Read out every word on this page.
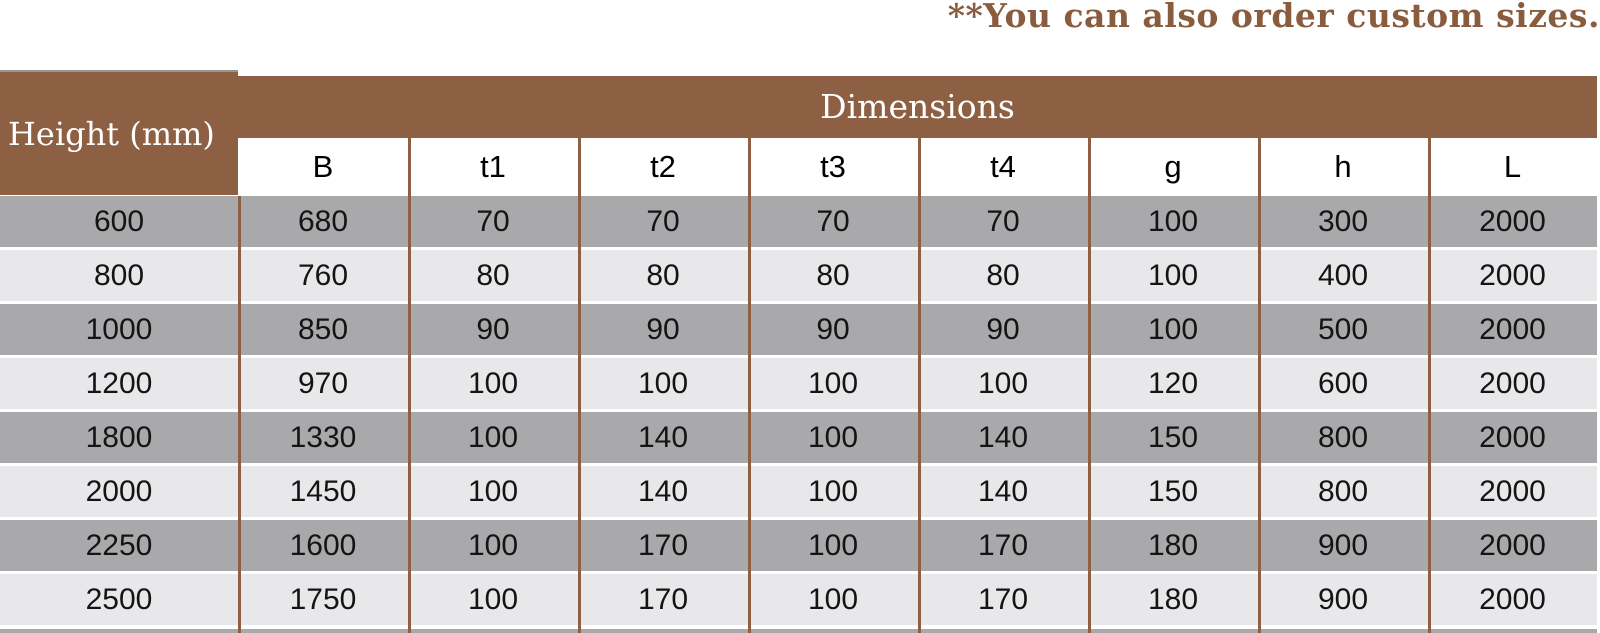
**You can also order custom sizes.
Dimensions
Height (mm)
B	t1	t2	t3	t4	g	h	L
600	680	70	70	70	70	100	300	2000
800	760	80	80	80	80	100	400	2000
1000	850	90	90	90	90	100	500	2000
1200	970	100	100	100	100	120	600	2000
1800	1330	100	140	100	140	150	800	2000
2000	1450	100	140	100	140	150	800	2000
2250	1600	100	170	100	170	180	900	2000
2500	1750	100	170	100	170	180	900	2000
